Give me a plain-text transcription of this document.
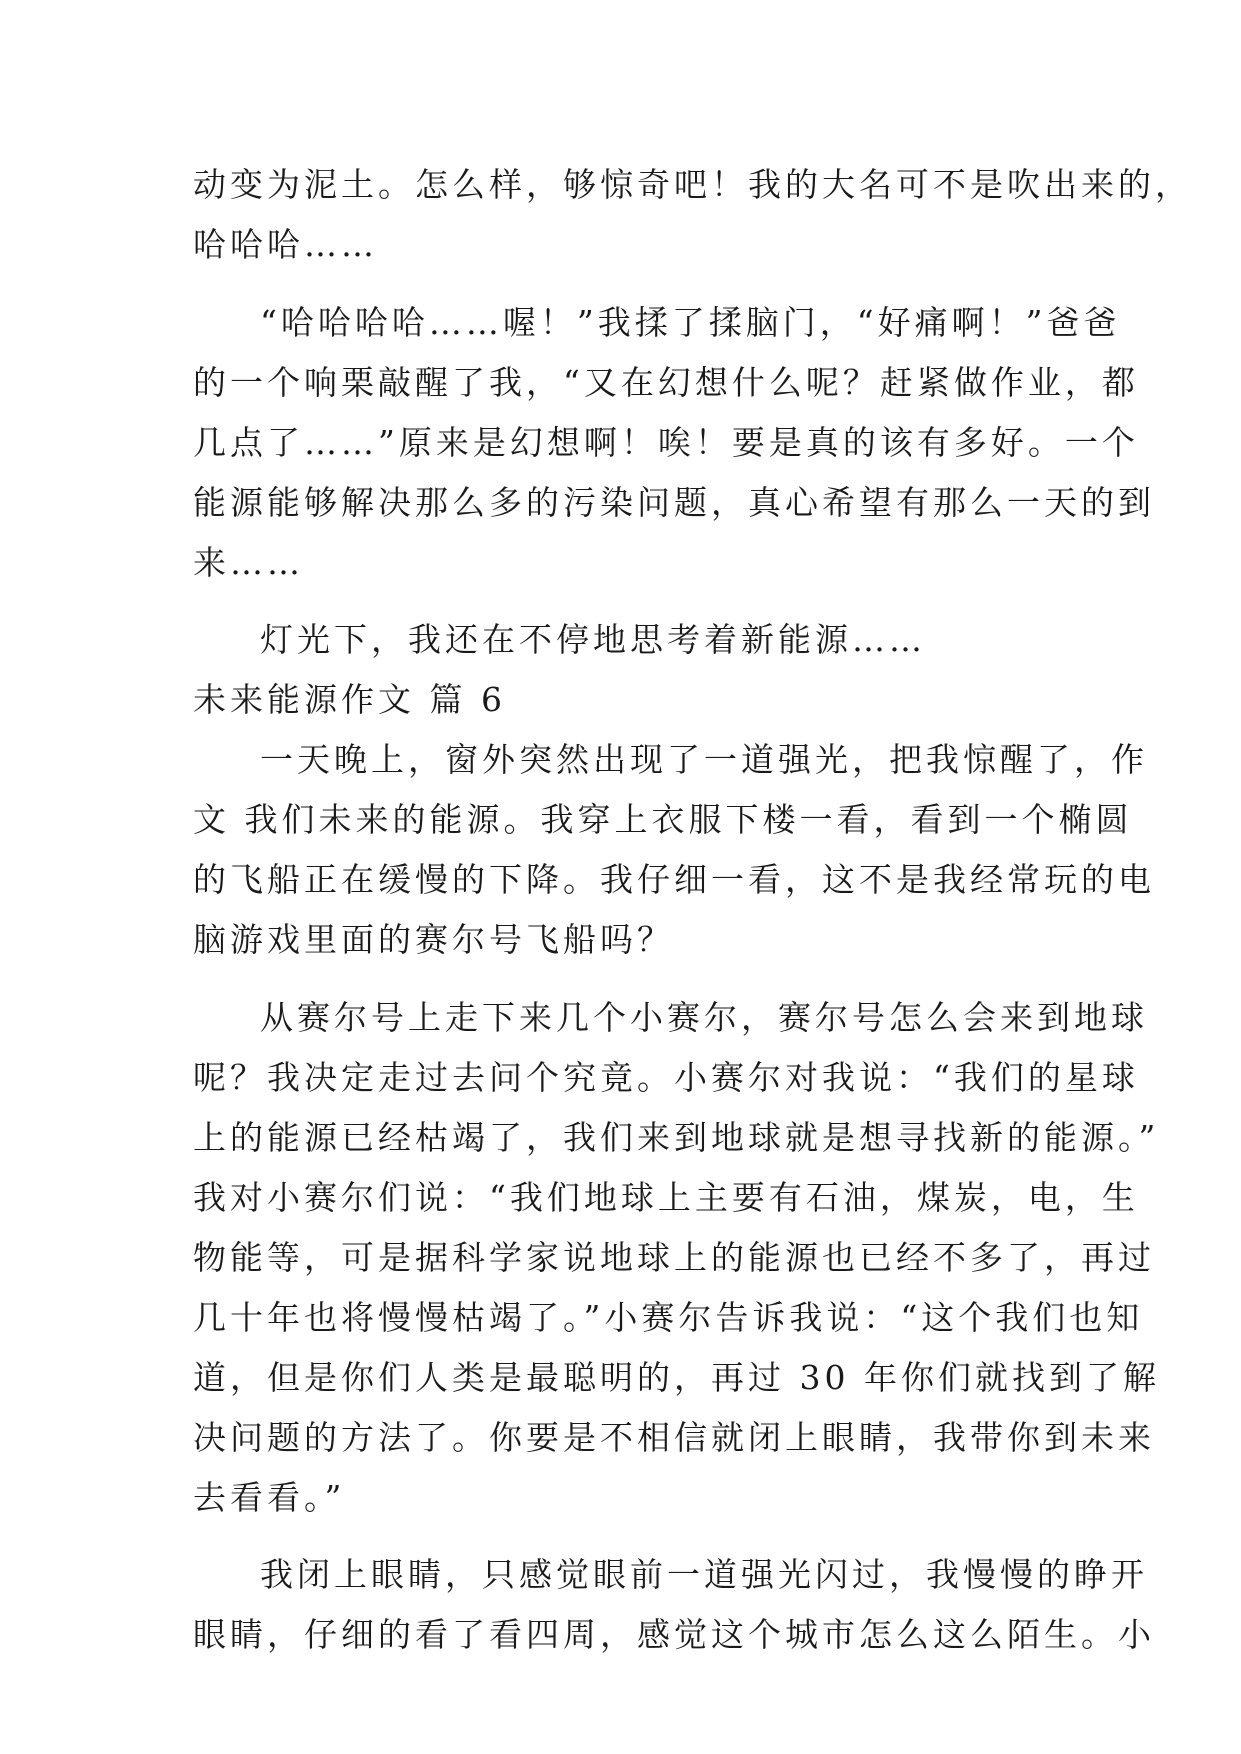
动变为泥土。怎么样，够惊奇吧！我的大名可不是吹出来的，
哈哈哈……
“哈哈哈哈……喔！”我揉了揉脑门，“好痛啊！”爸爸
的一个响栗敲醒了我，“又在幻想什么呢？赶紧做作业，都
几点了……”原来是幻想啊！唉！要是真的该有多好。一个
能源能够解决那么多的污染问题，真心希望有那么一天的到
来……
灯光下，我还在不停地思考着新能源……
未来能源作文 篇 6
一天晚上，窗外突然出现了一道强光，把我惊醒了，作
文 我们未来的能源。我穿上衣服下楼一看，看到一个椭圆
的飞船正在缓慢的下降。我仔细一看，这不是我经常玩的电
脑游戏里面的赛尔号飞船吗？
从赛尔号上走下来几个小赛尔，赛尔号怎么会来到地球
呢？我决定走过去问个究竟。小赛尔对我说：“我们的星球
上的能源已经枯竭了，我们来到地球就是想寻找新的能源。”
我对小赛尔们说：“我们地球上主要有石油，煤炭，电，生
物能等，可是据科学家说地球上的能源也已经不多了，再过
几十年也将慢慢枯竭了。”小赛尔告诉我说：“这个我们也知
道，但是你们人类是最聪明的，再过 30 年你们就找到了解
决问题的方法了。你要是不相信就闭上眼睛，我带你到未来
去看看。”
我闭上眼睛，只感觉眼前一道强光闪过，我慢慢的睁开
眼睛，仔细的看了看四周，感觉这个城市怎么这么陌生。小
